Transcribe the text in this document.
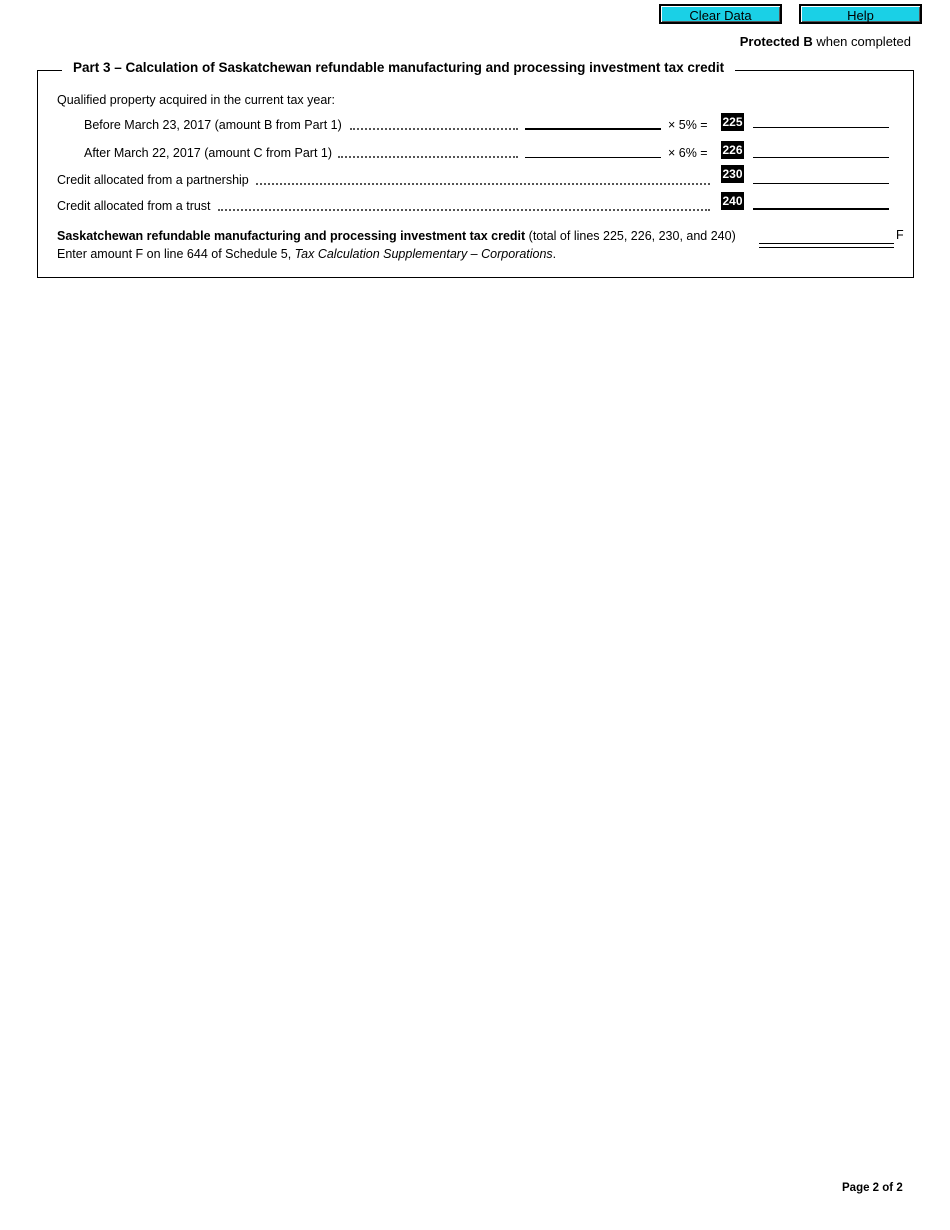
Clear Data	Help
Protected B when completed
Part 3 – Calculation of Saskatchewan refundable manufacturing and processing investment tax credit
Qualified property acquired in the current tax year:
Before March 23, 2017 (amount B from Part 1)	× 5% = 225
After March 22, 2017 (amount C from Part 1)	× 6% = 226
Credit allocated from a partnership	230
Credit allocated from a trust	240
Saskatchewan refundable manufacturing and processing investment tax credit (total of lines 225, 226, 230, and 240)	F
Enter amount F on line 644 of Schedule 5, Tax Calculation Supplementary – Corporations.
Page 2 of 2
